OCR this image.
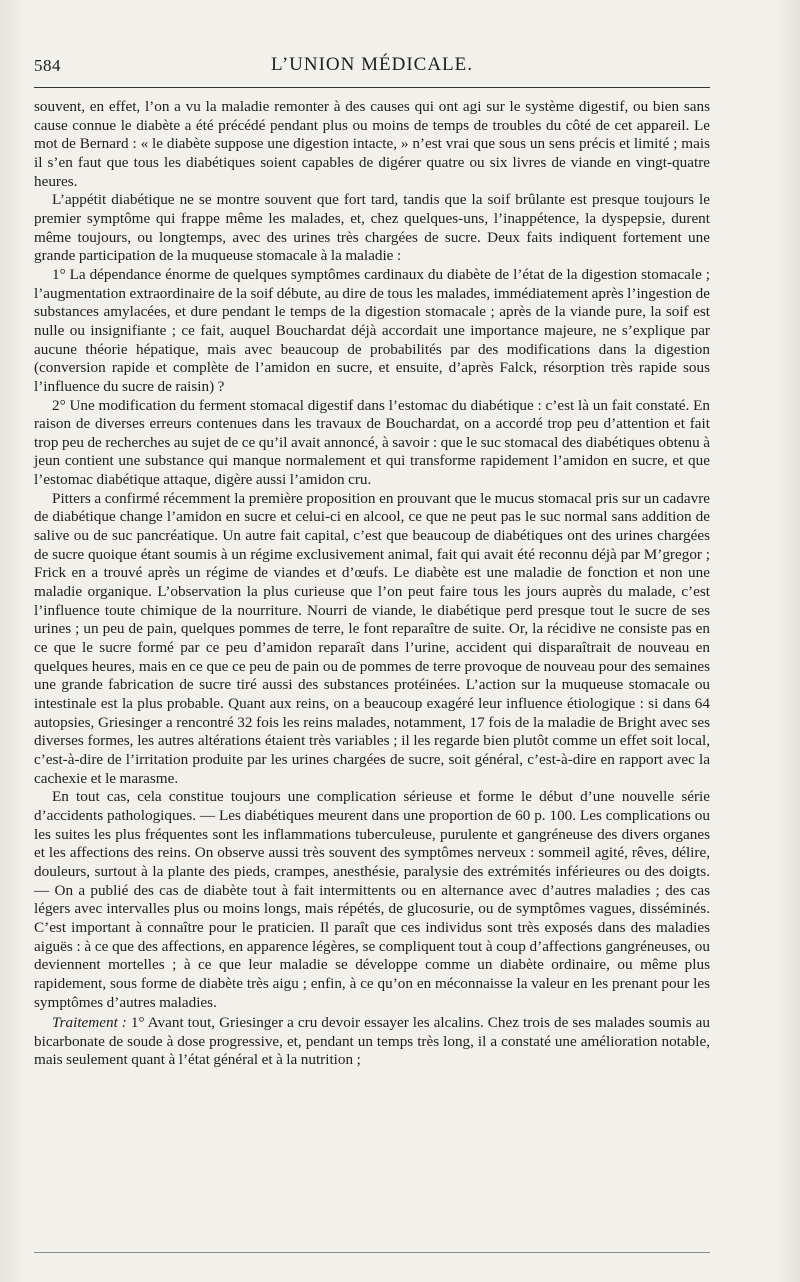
584	L’UNION MÉDICALE.

souvent, en effet, l’on a vu la maladie remonter à des causes qui ont agi sur le système digestif, ou bien sans cause connue le diabète a été précédé pendant plus ou moins de temps de troubles du côté de cet appareil. Le mot de Bernard : « le diabète suppose une digestion intacte, » n’est vrai que sous un sens précis et limité ; mais il s’en faut que tous les diabétiques soient capables de digérer quatre ou six livres de viande en vingt-quatre heures.

L’appétit diabétique ne se montre souvent que fort tard, tandis que la soif brûlante est presque toujours le premier symptôme qui frappe même les malades, et, chez quelques-uns, l’inappétence, la dyspepsie, durent même toujours, ou longtemps, avec des urines très chargées de sucre. Deux faits indiquent fortement une grande participation de la muqueuse stomacale à la maladie :

1° La dépendance énorme de quelques symptômes cardinaux du diabète de l’état de la digestion stomacale ; l’augmentation extraordinaire de la soif débute, au dire de tous les malades, immédiatement après l’ingestion de substances amylacées, et dure pendant le temps de la digestion stomacale ; après de la viande pure, la soif est nulle ou insignifiante ; ce fait, auquel Bouchardat déjà accordait une importance majeure, ne s’explique par aucune théorie hépatique, mais avec beaucoup de probabilités par des modifications dans la digestion (conversion rapide et complète de l’amidon en sucre, et ensuite, d’après Falck, résorption très rapide sous l’influence du sucre de raisin) ?

2° Une modification du ferment stomacal digestif dans l’estomac du diabétique : c’est là un fait constaté. En raison de diverses erreurs contenues dans les travaux de Bouchardat, on a accordé trop peu d’attention et fait trop peu de recherches au sujet de ce qu’il avait annoncé, à savoir : que le suc stomacal des diabétiques obtenu à jeun contient une substance qui manque normalement et qui transforme rapidement l’amidon en sucre, et que l’estomac diabétique attaque, digère aussi l’amidon cru.

Pitters a confirmé récemment la première proposition en prouvant que le mucus stomacal pris sur un cadavre de diabétique change l’amidon en sucre et celui-ci en alcool, ce que ne peut pas le suc normal sans addition de salive ou de suc pancréatique. Un autre fait capital, c’est que beaucoup de diabétiques ont des urines chargées de sucre quoique étant soumis à un régime exclusivement animal, fait qui avait été reconnu déjà par M’gregor ; Frick en a trouvé après un régime de viandes et d’œufs. Le diabète est une maladie de fonction et non une maladie organique. L’observation la plus curieuse que l’on peut faire tous les jours auprès du malade, c’est l’influence toute chimique de la nourriture. Nourri de viande, le diabétique perd presque tout le sucre de ses urines ; un peu de pain, quelques pommes de terre, le font reparaître de suite. Or, la récidive ne consiste pas en ce que le sucre formé par ce peu d’amidon reparaît dans l’urine, accident qui disparaîtrait de nouveau en quelques heures, mais en ce que ce peu de pain ou de pommes de terre provoque de nouveau pour des semaines une grande fabrication de sucre tiré aussi des substances protéinées. L’action sur la muqueuse stomacale ou intestinale est la plus probable. Quant aux reins, on a beaucoup exagéré leur influence étiologique : si dans 64 autopsies, Griesinger a rencontré 32 fois les reins malades, notamment, 17 fois de la maladie de Bright avec ses diverses formes, les autres altérations étaient très variables ; il les regarde bien plutôt comme un effet soit local, c’est-à-dire de l’irritation produite par les urines chargées de sucre, soit général, c’est-à-dire en rapport avec la cachexie et le marasme.

En tout cas, cela constitue toujours une complication sérieuse et forme le début d’une nouvelle série d’accidents pathologiques. — Les diabétiques meurent dans une proportion de 60 p. 100. Les complications ou les suites les plus fréquentes sont les inflammations tuberculeuse, purulente et gangréneuse des divers organes et les affections des reins. On observe aussi très souvent des symptômes nerveux : sommeil agité, rêves, délire, douleurs, surtout à la plante des pieds, crampes, anesthésie, paralysie des extrémités inférieures ou des doigts. — On a publié des cas de diabète tout à fait intermittents ou en alternance avec d’autres maladies ; des cas légers avec intervalles plus ou moins longs, mais répétés, de glucosurie, ou de symptômes vagues, disséminés. C’est important à connaître pour le praticien. Il paraît que ces individus sont très exposés dans des maladies aiguës : à ce que des affections, en apparence légères, se compliquent tout à coup d’affections gangréneuses, ou deviennent mortelles ; à ce que leur maladie se développe comme un diabète ordinaire, ou même plus rapidement, sous forme de diabète très aigu ; enfin, à ce qu’on en méconnaisse la valeur en les prenant pour les symptômes d’autres maladies.

Traitement : 1° Avant tout, Griesinger a cru devoir essayer les alcalins. Chez trois de ses malades soumis au bicarbonate de soude à dose progressive, et, pendant un temps très long, il a constaté une amélioration notable, mais seulement quant à l’état général et à la nutrition ;
